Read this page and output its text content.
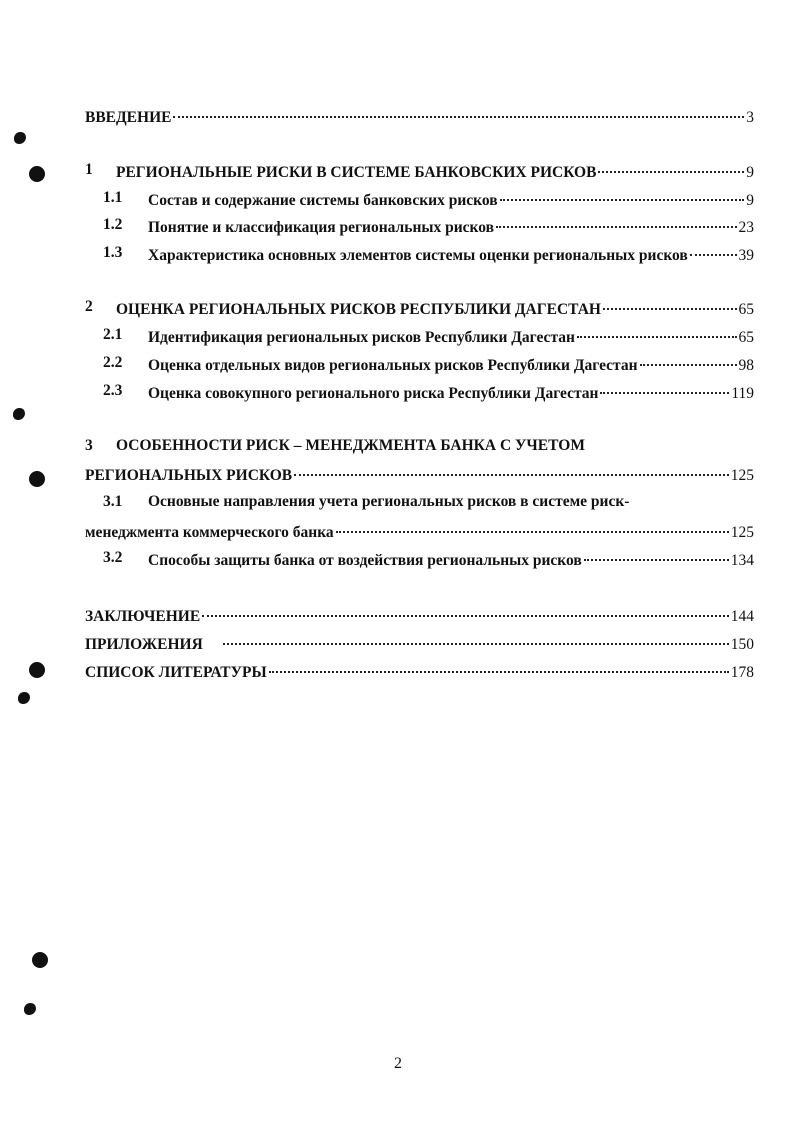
ВВЕДЕНИЕ	3
1 РЕГИОНАЛЬНЫЕ РИСКИ В СИСТЕМЕ БАНКОВСКИХ РИСКОВ	9
1.1 Состав и содержание системы банковских рисков	9
1.2 Понятие и классификация региональных рисков	23
1.3 Характеристика основных элементов системы оценки региональных рисков	39
2 ОЦЕНКА РЕГИОНАЛЬНЫХ РИСКОВ РЕСПУБЛИКИ ДАГЕСТАН	65
2.1 Идентификация региональных рисков Республики Дагестан	65
2.2 Оценка отдельных видов региональных рисков Республики Дагестан	98
2.3 Оценка совокупного регионального риска Республики Дагестан	119
3 ОСОБЕННОСТИ РИСК – МЕНЕДЖМЕНТА БАНКА С УЧЕТОМ
РЕГИОНАЛЬНЫХ РИСКОВ	125
3.1 Основные направления учета региональных рисков в системе риск-
менеджмента коммерческого банка	125
3.2 Способы защиты банка от воздействия региональных рисков	134
ЗАКЛЮЧЕНИЕ	144
ПРИЛОЖЕНИЯ	150
СПИСОК ЛИТЕРАТУРЫ	178
2
